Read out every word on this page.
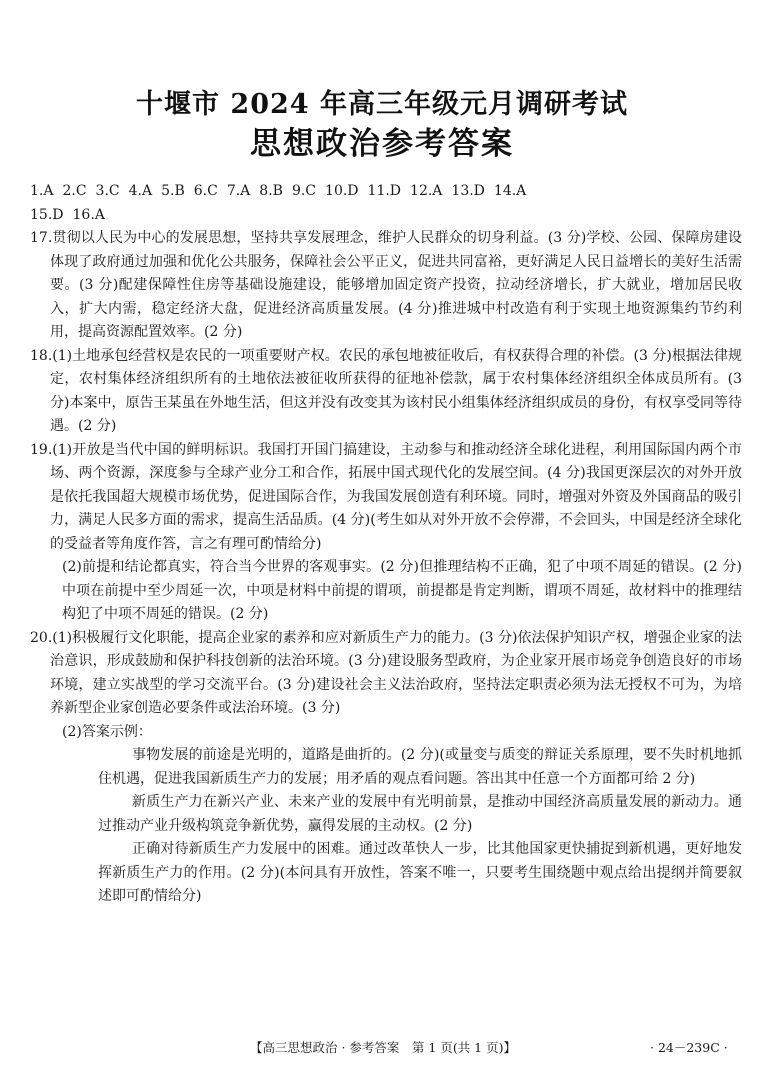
十堰市 2024 年高三年级元月调研考试
思想政治参考答案
1.A 2.C 3.C 4.A 5.B 6.C 7.A 8.B 9.C 10.D 11.D 12.A 13.D 14.A
15.D 16.A

17.贯彻以人民为中心的发展思想，坚持共享发展理念，维护人民群众的切身利益。(3 分)学校、公园、保障房建设体现了政府通过加强和优化公共服务，保障社会公平正义，促进共同富裕，更好满足人民日益增长的美好生活需要。(3 分)配建保障性住房等基础设施建设，能够增加固定资产投资，拉动经济增长，扩大就业，增加居民收入，扩大内需，稳定经济大盘，促进经济高质量发展。(4 分)推进城中村改造有利于实现土地资源集约节约利用，提高资源配置效率。(2 分)

18.(1)土地承包经营权是农民的一项重要财产权。农民的承包地被征收后，有权获得合理的补偿。(3 分)根据法律规定，农村集体经济组织所有的土地依法被征收所获得的征地补偿款，属于农村集体经济组织全体成员所有。(3 分)本案中，原告王某虽在外地生活，但这并没有改变其为该村民小组集体经济组织成员的身份，有权享受同等待遇。(2 分)

19.(1)开放是当代中国的鲜明标识。我国打开国门搞建设，主动参与和推动经济全球化进程，利用国际国内两个市场、两个资源，深度参与全球产业分工和合作，拓展中国式现代化的发展空间。(4 分)我国更深层次的对外开放是依托我国超大规模市场优势，促进国际合作，为我国发展创造有利环境。同时，增强对外资及外国商品的吸引力，满足人民多方面的需求，提高生活品质。(4 分)(考生如从对外开放不会停滞，不会回头，中国是经济全球化的受益者等角度作答，言之有理可酌情给分)

(2)前提和结论都真实，符合当今世界的客观事实。(2 分)但推理结构不正确，犯了中项不周延的错误。(2 分)中项在前提中至少周延一次，中项是材料中前提的谓项，前提都是肯定判断，谓项不周延，故材料中的推理结构犯了中项不周延的错误。(2 分)

20.(1)积极履行文化职能，提高企业家的素养和应对新质生产力的能力。(3 分)依法保护知识产权，增强企业家的法治意识，形成鼓励和保护科技创新的法治环境。(3 分)建设服务型政府，为企业家开展市场竞争创造良好的市场环境，建立实战型的学习交流平台。(3 分)建设社会主义法治政府，坚持法定职责必须为法无授权不可为，为培养新型企业家创造必要条件或法治环境。(3 分)

(2)答案示例：

事物发展的前途是光明的，道路是曲折的。(2 分)(或量变与质变的辩证关系原理，要不失时机地抓住机遇，促进我国新质生产力的发展；用矛盾的观点看问题。答出其中任意一个方面都可给 2 分)

新质生产力在新兴产业、未来产业的发展中有光明前景，是推动中国经济高质量发展的新动力。通过推动产业升级构筑竞争新优势，赢得发展的主动权。(2 分)

正确对待新质生产力发展中的困难。通过改革快人一步，比其他国家更快捕捉到新机遇，更好地发挥新质生产力的作用。(2 分)(本问具有开放性，答案不唯一，只要考生围绕题中观点给出提纲并简要叙述即可酌情给分)

【高三思想政治 · 参考答案　第 1 页(共 1 页)】	· 24－239C ·
